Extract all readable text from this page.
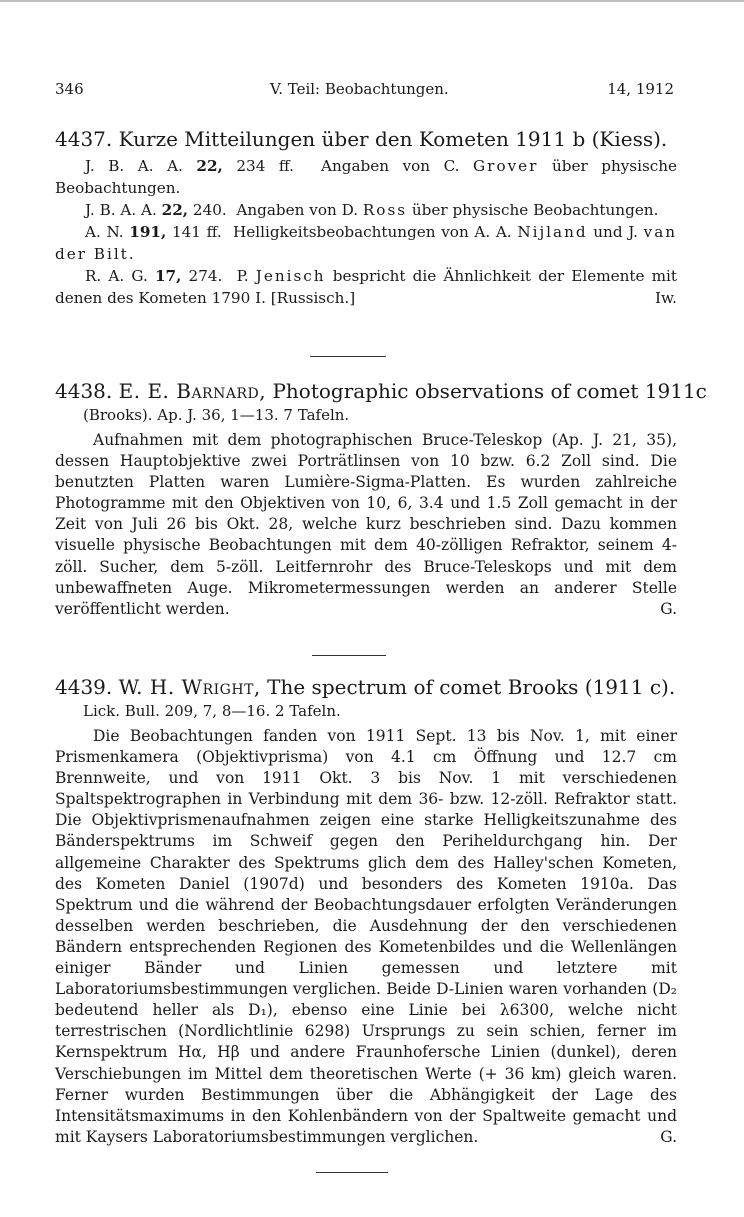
346	V. Teil: Beobachtungen.	14, 1912
4437. Kurze Mitteilungen über den Kometen 1911 b (Kiess).
J. B. A. A. 22, 234 ff. Angaben von C. Grover über physische Beobachtungen.
J. B. A. A. 22, 240. Angaben von D. Ross über physische Beobachtungen.
A. N. 191, 141 ff. Helligkeitsbeobachtungen von A. A. Nijland und J. van der Bilt.
R. A. G. 17, 274. P. Jenisch bespricht die Ähnlichkeit der Elemente mit denen des Kometen 1790 I. [Russisch.]	Iw.
4438. E. E. Barnard, Photographic observations of comet 1911c
(Brooks). Ap. J. 36, 1—13. 7 Tafeln.
Aufnahmen mit dem photographischen Bruce-Teleskop (Ap. J. 21, 35), dessen Hauptobjektive zwei Porträtlinsen von 10 bzw. 6.2 Zoll sind. Die benutzten Platten waren Lumière-Sigma-Platten. Es wurden zahlreiche Photogramme mit den Objektiven von 10, 6, 3.4 und 1.5 Zoll gemacht in der Zeit von Juli 26 bis Okt. 28, welche kurz beschrieben sind. Dazu kommen visuelle physische Beobachtungen mit dem 40-zölligen Refraktor, seinem 4-zöll. Sucher, dem 5-zöll. Leitfernrohr des Bruce-Teleskops und mit dem unbewaffneten Auge. Mikrometermessungen werden an anderer Stelle veröffentlicht werden.	G.
4439. W. H. Wright, The spectrum of comet Brooks (1911 c).
Lick. Bull. 209, 7, 8—16. 2 Tafeln.
Die Beobachtungen fanden von 1911 Sept. 13 bis Nov. 1, mit einer Prismenkamera (Objektivprisma) von 4.1 cm Öffnung und 12.7 cm Brennweite, und von 1911 Okt. 3 bis Nov. 1 mit verschiedenen Spaltspektrographen in Verbindung mit dem 36- bzw. 12-zöll. Refraktor statt. Die Objektivprismenaufnahmen zeigen eine starke Helligkeitszunahme des Bänderspektrums im Schweif gegen den Periheldurchgang hin. Der allgemeine Charakter des Spektrums glich dem des Halley'schen Kometen, des Kometen Daniel (1907d) und besonders des Kometen 1910a. Das Spektrum und die während der Beobachtungsdauer erfolgten Veränderungen desselben werden beschrieben, die Ausdehnung der den verschiedenen Bändern entsprechenden Regionen des Kometenbildes und die Wellenlängen einiger Bänder und Linien gemessen und letztere mit Laboratoriumsbestimmungen verglichen. Beide D-Linien waren vorhanden (D₂ bedeutend heller als D₁), ebenso eine Linie bei λ6300, welche nicht terrestrischen (Nordlichtlinie 6298) Ursprungs zu sein schien, ferner im Kernspektrum Hα, Hβ und andere Fraunhofersche Linien (dunkel), deren Verschiebungen im Mittel dem theoretischen Werte (+ 36 km) gleich waren. Ferner wurden Bestimmungen über die Abhängigkeit der Lage des Intensitätsmaximums in den Kohlenbändern von der Spaltweite gemacht und mit Kaysers Laboratoriumsbestimmungen verglichen.	G.
